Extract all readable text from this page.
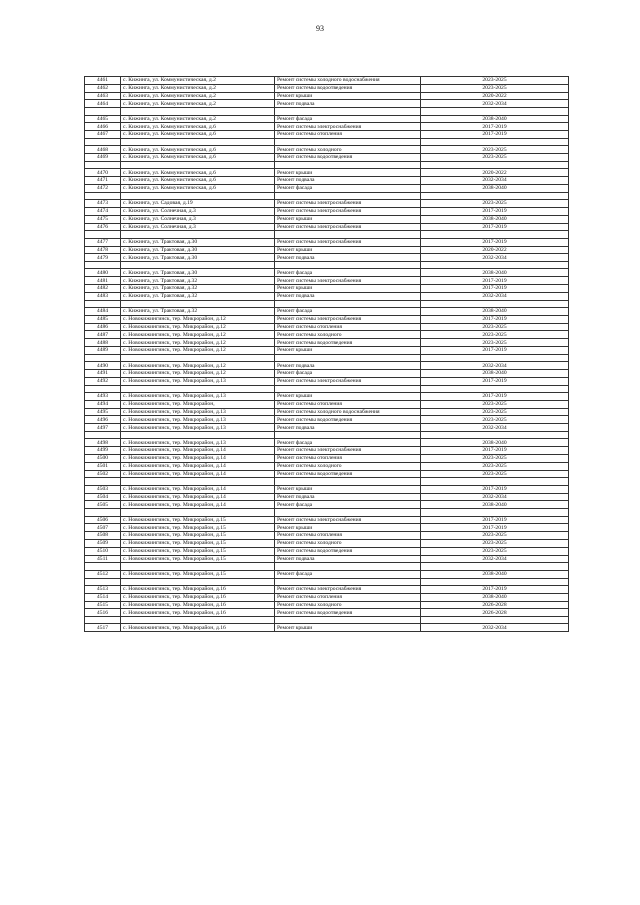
93
4461	с. Кижинга, ул. Коммунистическая, д.2	Ремонт системы холодного водоснабжения	2023-2025
4462	с. Кижинга, ул. Коммунистическая, д.2	Ремонт системы водоотведения	2023-2025
4463	с. Кижинга, ул. Коммунистическая, д.2	Ремонт крыши	2020-2022
4464	с. Кижинга, ул. Коммунистическая, д.2	Ремонт подвала	2032-2034

4465	с. Кижинга, ул. Коммунистическая, д.2	Ремонт фасада	2038-2040
4466	с. Кижинга, ул. Коммунистическая, д.6	Ремонт системы электроснабжения	2017-2019
4467	с. Кижинга, ул. Коммунистическая, д.6	Ремонт системы отопления	2017-2019

4468	с. Кижинга, ул. Коммунистическая, д.6	Ремонт системы холодного	2023-2025
4469	с. Кижинга, ул. Коммунистическая, д.6	Ремонт системы водоотведения	2023-2025

4470	с. Кижинга, ул. Коммунистическая, д.6	Ремонт крыши	2020-2022
4471	с. Кижинга, ул. Коммунистическая, д.6	Ремонт подвала	2032-2034
4472	с. Кижинга, ул. Коммунистическая, д.6	Ремонт фасада	2038-2040

4473	с. Кижинга, ул. Садовая, д.19	Ремонт системы электроснабжения	2023-2025
4474	с. Кижинга, ул. Солнечная, д.3	Ремонт системы электроснабжения	2017-2019
4475	с. Кижинга, ул. Солнечная, д.3	Ремонт крыши	2038-2040
4476	с. Кижинга, ул. Солнечная, д.3	Ремонт системы электроснабжения	2017-2019

4477	с. Кижинга, ул. Трактовая, д.30	Ремонт системы электроснабжения	2017-2019
4478	с. Кижинга, ул. Трактовая, д.30	Ремонт крыши	2020-2022
4479	с. Кижинга, ул. Трактовая, д.30	Ремонт подвала	2032-2034

4480	с. Кижинга, ул. Трактовая, д.30	Ремонт фасада	2038-2040
4481	с. Кижинга, ул. Трактовая, д.32	Ремонт системы электроснабжения	2017-2019
4482	с. Кижинга, ул. Трактовая, д.32	Ремонт крыши	2017-2019
4483	с. Кижинга, ул. Трактовая, д.32	Ремонт подвала	2032-2034

4484	с. Кижинга, ул. Трактовая, д.32	Ремонт фасада	2038-2040
4485	с. Новокижингинск, тер. Микрорайон, д.12	Ремонт системы электроснабжения	2017-2019
4486	с. Новокижингинск, тер. Микрорайон, д.12	Ремонт системы отопления	2023-2025
4487	с. Новокижингинск, тер. Микрорайон, д.12	Ремонт системы холодного	2023-2025
4488	с. Новокижингинск, тер. Микрорайон, д.12	Ремонт системы водоотведения	2023-2025
4489	с. Новокижингинск, тер. Микрорайон, д.12	Ремонт крыши	2017-2019

4490	с. Новокижингинск, тер. Микрорайон, д.12	Ремонт подвала	2032-2034
4491	с. Новокижингинск, тер. Микрорайон, д.12	Ремонт фасада	2038-2040
4492	с. Новокижингинск, тер. Микрорайон, д.13	Ремонт системы электроснабжения	2017-2019

4493	с. Новокижингинск, тер. Микрорайон, д.13	Ремонт крыши	2017-2019
4494	с. Новокижингинск, тер. Микрорайон,	Ремонт системы отопления	2023-2025
4495	с. Новокижингинск, тер. Микрорайон, д.13	Ремонт системы холодного водоснабжения	2023-2025
4496	с. Новокижингинск, тер. Микрорайон, д.13	Ремонт системы водоотведения	2023-2025
4497	с. Новокижингинск, тер. Микрорайон, д.13	Ремонт подвала	2032-2034

4498	с. Новокижингинск, тер. Микрорайон, д.13	Ремонт фасада	2038-2040
4499	с. Новокижингинск, тер. Микрорайон, д.14	Ремонт системы электроснабжения	2017-2019
4500	с. Новокижингинск, тер. Микрорайон, д.14	Ремонт системы отопления	2023-2025
4501	с. Новокижингинск, тер. Микрорайон, д.14	Ремонт системы холодного	2023-2025
4502	с. Новокижингинск, тер. Микрорайон, д.14	Ремонт системы водоотведения	2023-2025

4503	с. Новокижингинск, тер. Микрорайон, д.14	Ремонт крыши	2017-2019
4504	с. Новокижингинск, тер. Микрорайон, д.14	Ремонт подвала	2032-2034
4505	с. Новокижингинск, тер. Микрорайон, д.14	Ремонт фасада	2038-2040

4506	с. Новокижингинск, тер. Микрорайон, д.15	Ремонт системы электроснабжения	2017-2019
4507	с. Новокижингинск, тер. Микрорайон, д.15	Ремонт крыши	2017-2019
4508	с. Новокижингинск, тер. Микрорайон, д.15	Ремонт системы отопления	2023-2025
4509	с. Новокижингинск, тер. Микрорайон, д.15	Ремонт системы холодного	2023-2025
4510	с. Новокижингинск, тер. Микрорайон, д.15	Ремонт системы водоотведения	2023-2025
4511	с. Новокижингинск, тер. Микрорайон, д.15	Ремонт подвала	2032-2034

4512	с. Новокижингинск, тер. Микрорайон, д.15	Ремонт фасада	2038-2040

4513	с. Новокижингинск, тер. Микрорайон, д.16	Ремонт системы электроснабжения	2017-2019
4514	с. Новокижингинск, тер. Микрорайон, д.16	Ремонт системы отопления	2038-2040
4515	с. Новокижингинск, тер. Микрорайон, д.16	Ремонт системы холодного	2026-2028
4516	с. Новокижингинск, тер. Микрорайон, д.16	Ремонт системы водоотведения	2026-2028

4517	с. Новокижингинск, тер. Микрорайон, д.16	Ремонт крыши	2032-2034
